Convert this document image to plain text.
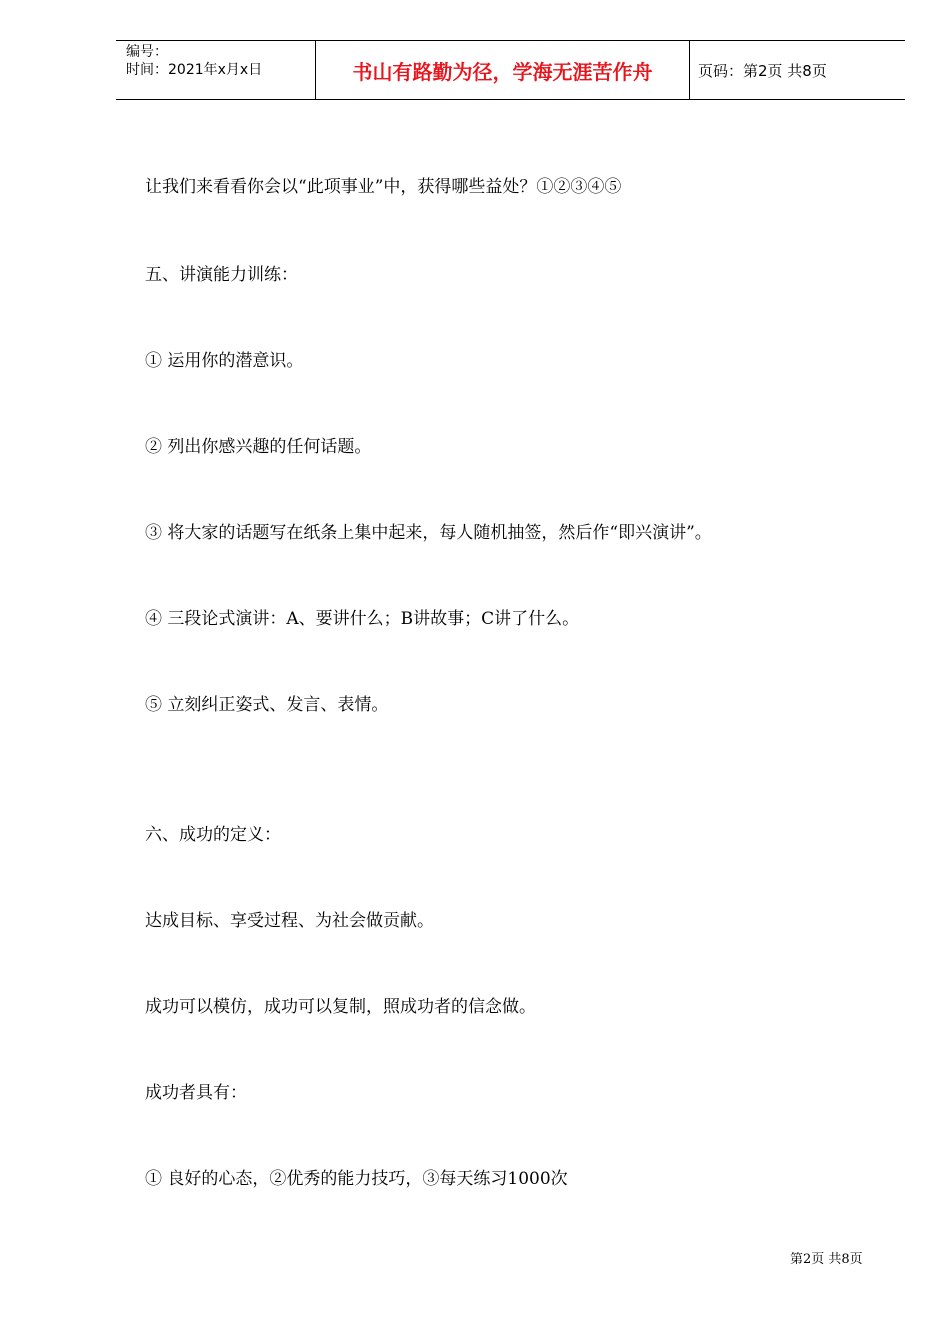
编号：
时间：2021年x月x日	书山有路勤为径，学海无涯苦作舟	页码：第2页 共8页
让我们来看看你会以“此项事业”中，获得哪些益处？①②③④⑤
五、讲演能力训练：
① 运用你的潜意识。
② 列出你感兴趣的任何话题。
③ 将大家的话题写在纸条上集中起来，每人随机抽签，然后作“即兴演讲”。
④ 三段论式演讲：A、要讲什么；B讲故事；C讲了什么。
⑤ 立刻纠正姿式、发言、表情。
六、成功的定义：
达成目标、享受过程、为社会做贡献。
成功可以模仿，成功可以复制，照成功者的信念做。
成功者具有：
① 良好的心态，②优秀的能力技巧，③每天练习1000次
第2页 共8页
